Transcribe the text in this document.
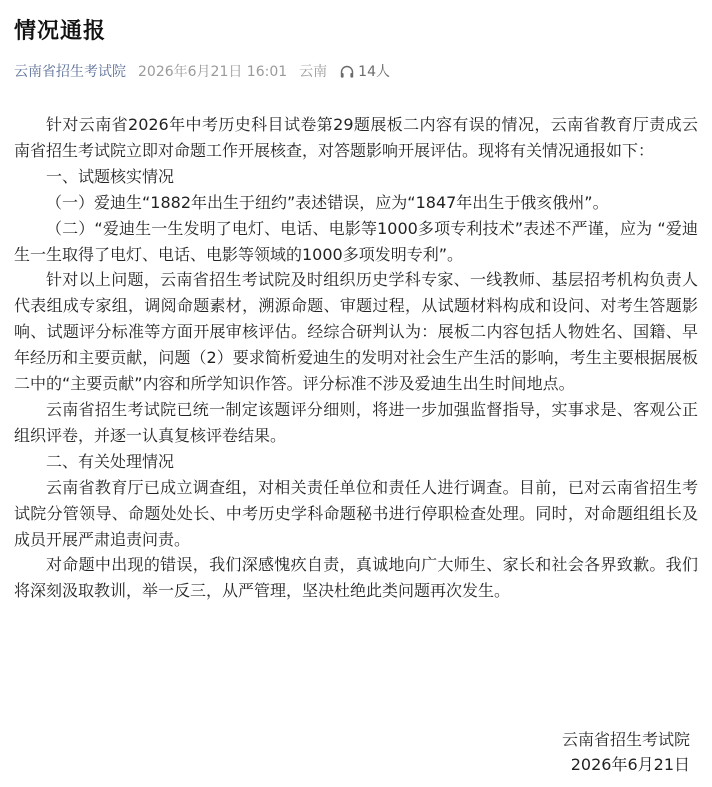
情况通报
云南省招生考试院 2026年6月21日 16:01 云南 14人

针对云南省2026年中考历史科目试卷第29题展板二内容有误的情况，云南省教育厅责成云南省招生考试院立即对命题工作开展核查，对答题影响开展评估。现将有关情况通报如下：

一、试题核实情况

（一）爱迪生“1882年出生于纽约”表述错误，应为“1847年出生于俄亥俄州”。

（二）“爱迪生一生发明了电灯、电话、电影等1000多项专利技术”表述不严谨，应为 “爱迪生一生取得了电灯、电话、电影等领域的1000多项发明专利”。

针对以上问题，云南省招生考试院及时组织历史学科专家、一线教师、基层招考机构负责人代表组成专家组，调阅命题素材，溯源命题、审题过程，从试题材料构成和设问、对考生答题影响、试题评分标准等方面开展审核评估。经综合研判认为：展板二内容包括人物姓名、国籍、早年经历和主要贡献，问题（2）要求简析爱迪生的发明对社会生产生活的影响，考生主要根据展板二中的“主要贡献”内容和所学知识作答。评分标准不涉及爱迪生出生时间地点。

云南省招生考试院已统一制定该题评分细则，将进一步加强监督指导，实事求是、客观公正组织评卷，并逐一认真复核评卷结果。

二、有关处理情况

云南省教育厅已成立调查组，对相关责任单位和责任人进行调查。目前，已对云南省招生考试院分管领导、命题处处长、中考历史学科命题秘书进行停职检查处理。同时，对命题组组长及成员开展严肃追责问责。

对命题中出现的错误，我们深感愧疚自责，真诚地向广大师生、家长和社会各界致歉。我们将深刻汲取教训，举一反三，从严管理，坚决杜绝此类问题再次发生。

云南省招生考试院
2026年6月21日
